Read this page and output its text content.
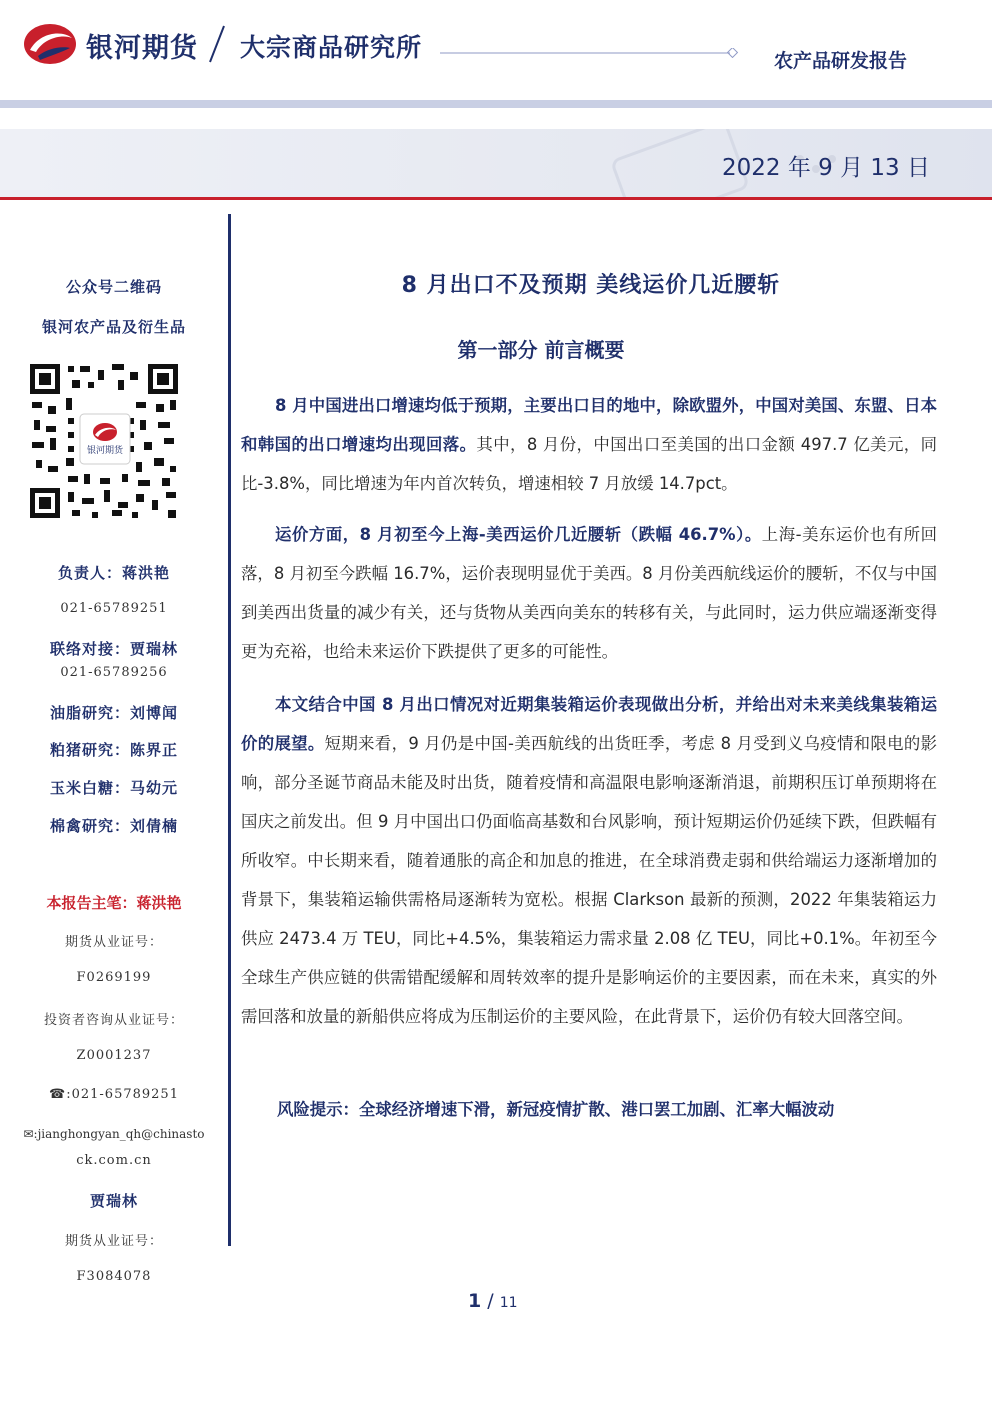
银河期货 大宗商品研究所	农产品研发报告
2022 年 9 月 13 日
公众号二维码
银河农产品及衍生品
银河期货
负责人：蒋洪艳
021-65789251
联络对接：贾瑞林
021-65789256
油脂研究：刘博闻
粕猪研究：陈界正
玉米白糖：马幼元
棉禽研究：刘倩楠
本报告主笔：蒋洪艳
期货从业证号：
F0269199
投资者咨询从业证号：
Z0001237
☎:021-65789251
✉:jianghongyan_qh@chinasto
ck.com.cn
贾瑞林
期货从业证号：
F3084078
8 月出口不及预期 美线运价几近腰斩
第一部分 前言概要

8 月中国进出口增速均低于预期，主要出口目的地中，除欧盟外，中国对美国、东盟、日本和韩国的出口增速均出现回落。其中，8 月份，中国出口至美国的出口金额 497.7 亿美元，同比-3.8%，同比增速为年内首次转负，增速相较 7 月放缓 14.7pct。

运价方面，8 月初至今上海-美西运价几近腰斩（跌幅 46.7%）。上海-美东运价也有所回落，8 月初至今跌幅 16.7%，运价表现明显优于美西。8 月份美西航线运价的腰斩，不仅与中国到美西出货量的减少有关，还与货物从美西向美东的转移有关，与此同时，运力供应端逐渐变得更为充裕，也给未来运价下跌提供了更多的可能性。

本文结合中国 8 月出口情况对近期集装箱运价表现做出分析，并给出对未来美线集装箱运价的展望。短期来看，9 月仍是中国-美西航线的出货旺季，考虑 8 月受到义乌疫情和限电的影响，部分圣诞节商品未能及时出货，随着疫情和高温限电影响逐渐消退，前期积压订单预期将在国庆之前发出。但 9 月中国出口仍面临高基数和台风影响，预计短期运价仍延续下跌，但跌幅有所收窄。中长期来看，随着通胀的高企和加息的推进，在全球消费走弱和供给端运力逐渐增加的背景下，集装箱运输供需格局逐渐转为宽松。根据 Clarkson 最新的预测，2022 年集装箱运力供应 2473.4 万 TEU，同比+4.5%，集装箱运力需求量 2.08 亿 TEU，同比+0.1%。年初至今全球生产供应链的供需错配缓解和周转效率的提升是影响运价的主要因素，而在未来，真实的外需回落和放量的新船供应将成为压制运价的主要风险，在此背景下，运价仍有较大回落空间。

风险提示：全球经济增速下滑，新冠疫情扩散、港口罢工加剧、汇率大幅波动
1 / 11
